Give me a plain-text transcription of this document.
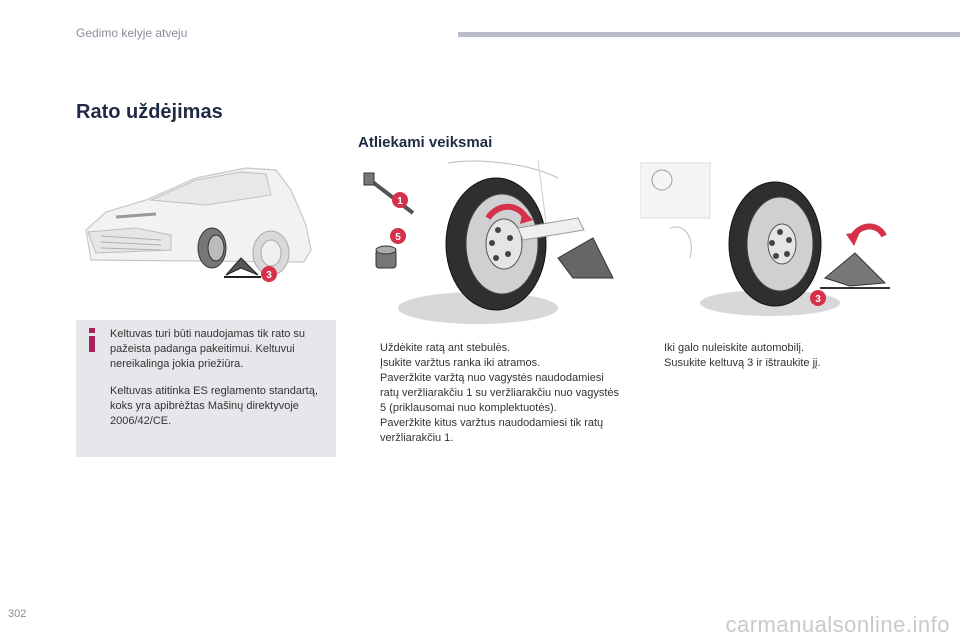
Gedimo kelyje atveju
Rato uždėjimas
Atliekami veiksmai
3
1
5
3

Keltuvas turi būti naudojamas tik rato su pažeista padanga pakeitimui. Keltuvui nereikalinga jokia priežiūra.

Keltuvas atitinka ES reglamento standartą, koks yra apibrėžtas Mašinų direktyvoje 2006/42/CE.

Uždėkite ratą ant stebulės.
Įsukite varžtus ranka iki atramos.
Paveržkite varžtą nuo vagystės naudodamiesi ratų veržliarakčiu 1 su veržliarakčiu nuo vagystės 5 (priklausomai nuo komplektuotės).
Paveržkite kitus varžtus naudodamiesi tik ratų veržliarakčiu 1.
Iki galo nuleiskite automobilį.
Susukite keltuvą 3 ir ištraukite jį.
302	carmanualsonline.info
